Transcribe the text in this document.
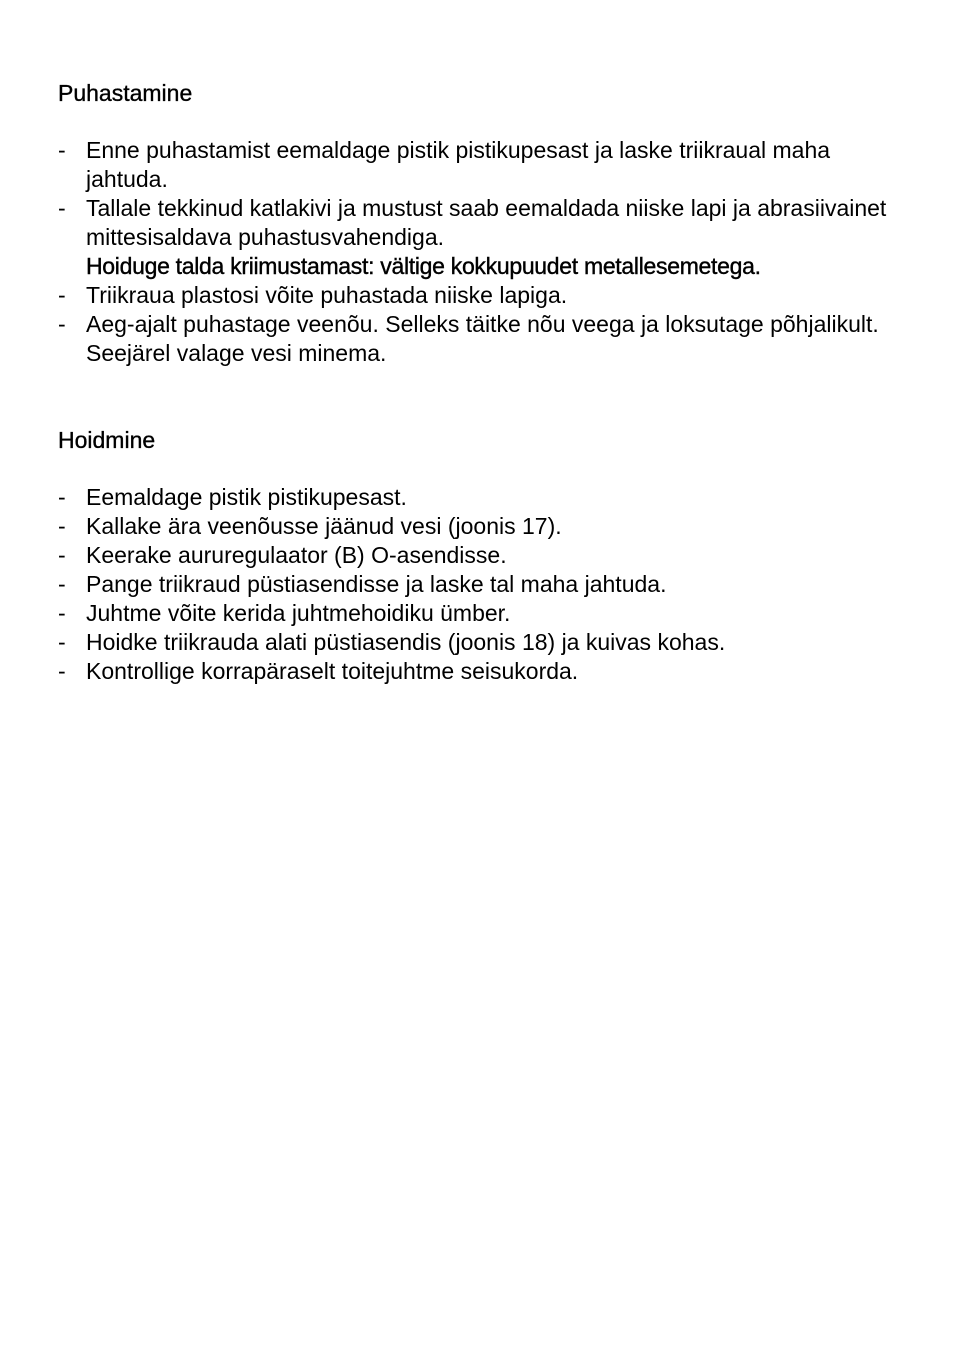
Puhastamine
- Enne puhastamist eemaldage pistik pistikupesast ja laske triikraual maha jahtuda.
- Tallale tekkinud katlakivi ja mustust saab eemaldada niiske lapi ja abrasiivainet mittesisaldava puhastusvahendiga.
Hoiduge talda kriimustamast: vältige kokkupuudet metallesemetega.
- Triikraua plastosi võite puhastada niiske lapiga.
- Aeg-ajalt puhastage veenõu. Selleks täitke nõu veega ja loksutage põhjalikult. Seejärel valage vesi minema.
Hoidmine
- Eemaldage pistik pistikupesast.
- Kallake ära veenõusse jäänud vesi (joonis 17).
- Keerake aururegulaator (B) O-asendisse.
- Pange triikraud püstiasendisse ja laske tal maha jahtuda.
- Juhtme võite kerida juhtmehoidiku ümber.
- Hoidke triikrauda alati püstiasendis (joonis 18) ja kuivas kohas.
- Kontrollige korrapäraselt toitejuhtme seisukorda.
